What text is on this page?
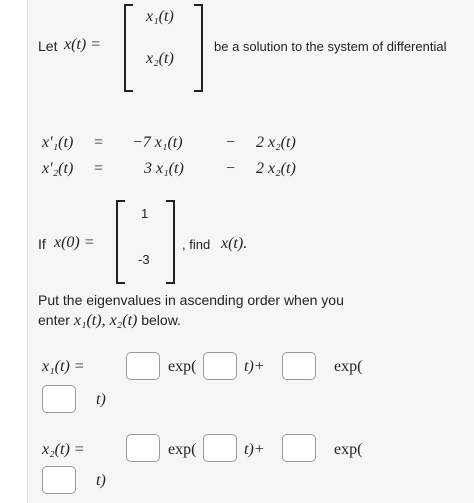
Let x(t) =
x₁(t)
x₂(t)
be a solution to the system of differential
x′₁(t) = −7 x₁(t)	− 2 x₂(t)
x′₂(t) =	3 x₁(t)	− 2 x₂(t)
If x(0) =
1
-3
, find x(t).
Put the eigenvalues in ascending order when you
enter x₁(t), x₂(t) below.
x₁(t) =	exp(	t)+	exp(
t)
x₂(t) =	exp(	t)+	exp(
t)
